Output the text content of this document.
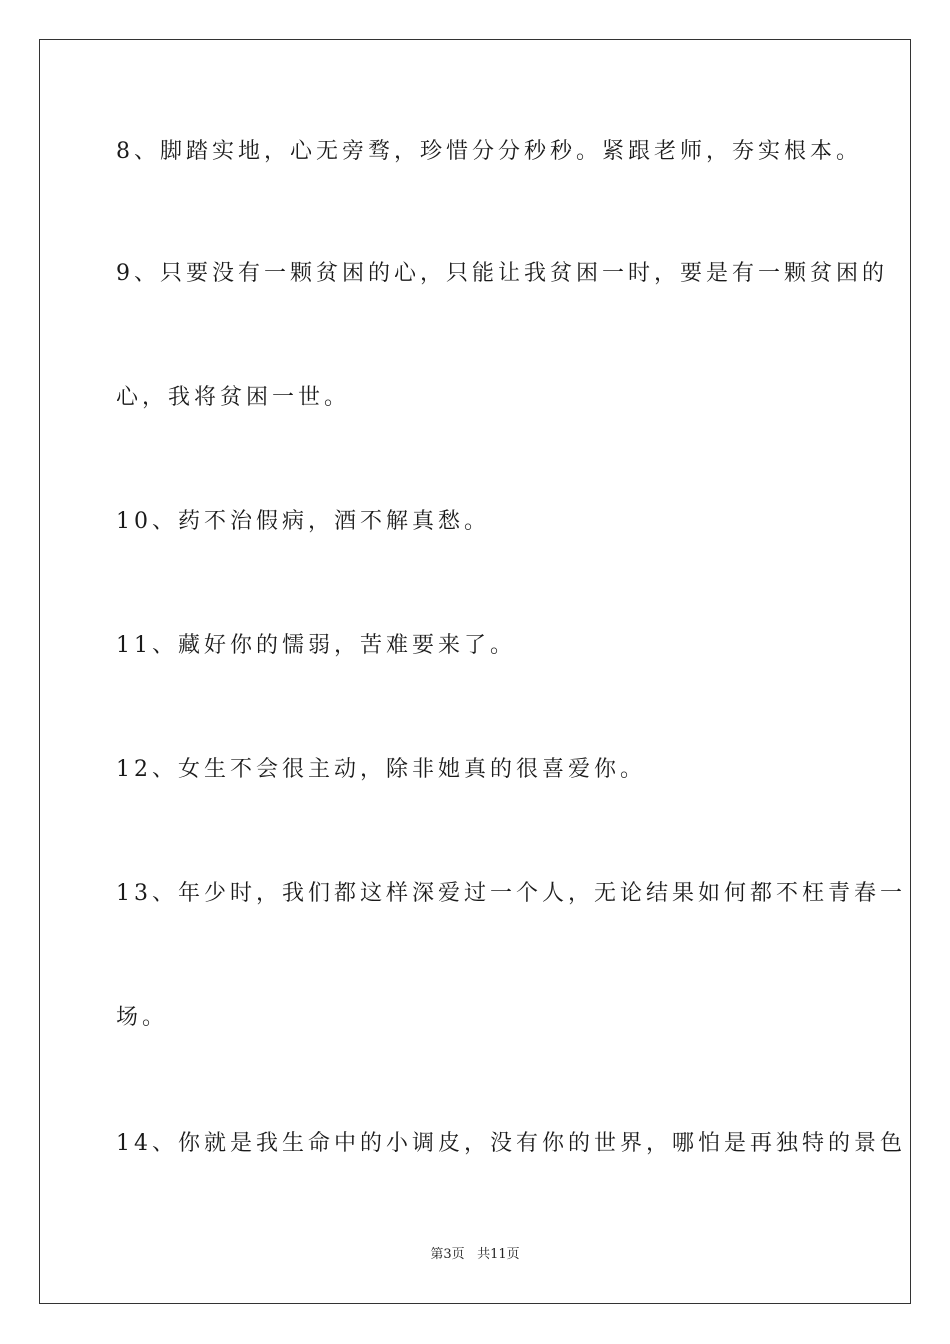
8、脚踏实地，心无旁骛，珍惜分分秒秒。紧跟老师，夯实根本。
9、只要没有一颗贫困的心，只能让我贫困一时，要是有一颗贫困的
心，我将贫困一世。
10、药不治假病，酒不解真愁。
11、藏好你的懦弱，苦难要来了。
12、女生不会很主动，除非她真的很喜爱你。
13、年少时，我们都这样深爱过一个人，无论结果如何都不枉青春一
场。
14、你就是我生命中的小调皮，没有你的世界，哪怕是再独特的景色
第3页 共11页
